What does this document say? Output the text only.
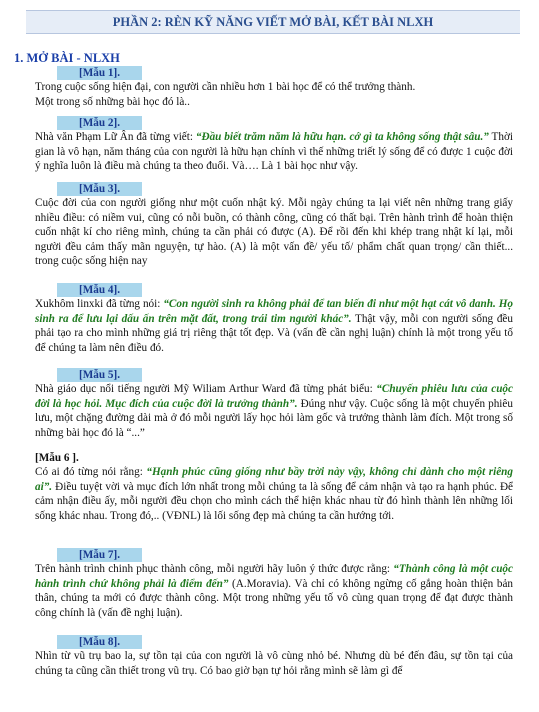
PHẦN 2: RÈN KỸ NĂNG VIẾT MỞ BÀI, KẾT BÀI NLXH
1. MỞ BÀI - NLXH

[Mẫu 1].

Trong cuộc sống hiện đại, con người cần nhiều hơn 1 bài học để có thể trưởng thành.

Một trong số những bài học đó là..

[Mẫu 2].

Nhà văn Phạm Lữ Ân đã từng viết: “Đầu biết trăm năm là hữu hạn. cớ gì ta không sống thật sâu.” Thời gian là vô hạn, năm tháng của con người là hữu hạn chính vì thế những triết lý sống để có được 1 cuộc đời ý nghĩa luôn là điều mà chúng ta theo đuổi. Và…. Là 1 bài học như vậy.

[Mẫu 3].

Cuộc đời của con người giống như một cuốn nhật ký. Mỗi ngày chúng ta lại viết nên những trang giấy nhiều điều: có niềm vui, cũng có nỗi buồn, có thành công, cũng có thất bại. Trên hành trình để hoàn thiện cuốn nhật kí cho riêng mình, chúng ta cần phải có được (A). Để rồi đến khi khép trang nhật kí lại, mỗi người đều cảm thấy mãn nguyện, tự hào. (A) là một vấn đề/ yếu tố/ phẩm chất quan trọng/ cần thiết... trong cuộc sống hiện nay

[Mẫu 4].

Xukhôm linxki đã từng nói: “Con người sinh ra không phải để tan biến đi như một hạt cát vô danh. Họ sinh ra để lưu lại dấu ấn trên mặt đất, trong trái tim người khác”. Thật vậy, mỗi con người sống đều phải tạo ra cho mình những giá trị riêng thật tốt đẹp. Và (vấn đề cần nghị luận) chính là một trong yếu tố để chúng ta làm nên điều đó.

[Mẫu 5].

Nhà giáo dục nổi tiếng người Mỹ Wiliam Arthur Ward đã từng phát biểu: “Chuyến phiêu lưu của cuộc đời là học hỏi. Mục đích của cuộc đời là trưởng thành”. Đúng như vậy. Cuộc sống là một chuyến phiêu lưu, một chặng đường dài mà ở đó mỗi người lấy học hỏi làm gốc và trưởng thành làm đích. Một trong số những bài học đó là “...”

[Mẫu 6 ].

Có ai đó từng nói rằng: “Hạnh phúc cũng giống như bầy trời này vậy, không chỉ dành cho một riêng ai”. Điều tuyệt vời và mục đích lớn nhất trong mỗi chúng ta là sống để cảm nhận và tạo ra hạnh phúc. Để cảm nhận điều ấy, mỗi người đều chọn cho mình cách thể hiện khác nhau từ đó hình thành lên những lối sống khác nhau. Trong đó,.. (VĐNL) là lối sống đẹp mà chúng ta cần hướng tới.

[Mẫu 7].

Trên hành trình chinh phục thành công, mỗi người hãy luôn ý thức được rằng: “Thành công là một cuộc hành trình chứ không phải là điểm đến” (A.Moravia). Và chỉ có không ngừng cố gắng hoàn thiện bản thân, chúng ta mới có được thành công. Một trong những yếu tố vô cùng quan trọng để đạt được thành công chính là (vấn đề nghị luận).

[Mẫu 8].

Nhìn từ vũ trụ bao la, sự tồn tại của con người là vô cùng nhỏ bé. Nhưng dù bé đến đâu, sự tồn tại của chúng ta cũng cần thiết trong vũ trụ. Có bao giờ bạn tự hỏi rằng mình sẽ làm gì để
